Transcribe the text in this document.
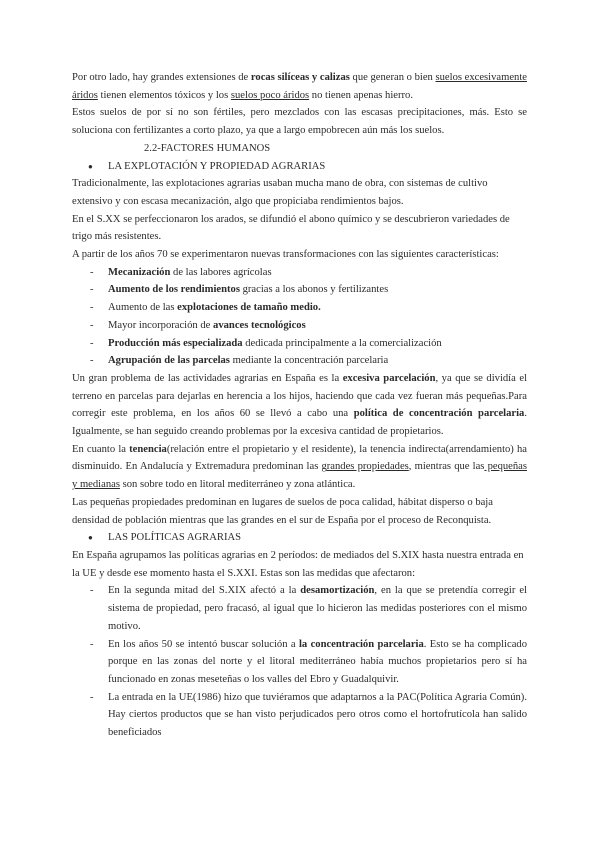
Por otro lado, hay grandes extensiones de rocas silíceas y calizas que generan o bien suelos excesivamente áridos tienen elementos tóxicos y los suelos poco áridos no tienen apenas hierro.

Estos suelos de por sí no son fértiles, pero mezclados con las escasas precipitaciones, más. Esto se soluciona con fertilizantes a corto plazo, ya que a largo empobrecen aún más los suelos.

2.2-FACTORES HUMANOS

● LA EXPLOTACIÓN Y PROPIEDAD AGRARIAS

Tradicionalmente, las explotaciones agrarias usaban mucha mano de obra, con sistemas de cultivo extensivo y con escasa mecanización, algo que propiciaba rendimientos bajos.

En el S.XX se perfeccionaron los arados, se difundió el abono químico y se descubrieron variedades de trigo más resistentes.

A partir de los años 70 se experimentaron nuevas transformaciones con las siguientes características:

- Mecanización de las labores agrícolas

- Aumento de los rendimientos gracias a los abonos y fertilizantes

- Aumento de las explotaciones de tamaño medio.

- Mayor incorporación de avances tecnológicos

- Producción más especializada dedicada principalmente a la comercialización

- Agrupación de las parcelas mediante la concentración parcelaria

Un gran problema de las actividades agrarias en España es la excesiva parcelación, ya que se dividía el terreno en parcelas para dejarlas en herencia a los hijos, haciendo que cada vez fueran más pequeñas.Para corregir este problema, en los años 60 se llevó a cabo una política de concentración parcelaria. Igualmente, se han seguido creando problemas por la excesiva cantidad de propietarios.

En cuanto la tenencia(relación entre el propietario y el residente), la tenencia indirecta(arrendamiento) ha disminuido. En Andalucía y Extremadura predominan las grandes propiedades, mientras que las pequeñas y medianas son sobre todo en litoral mediterráneo y zona atlántica.

Las pequeñas propiedades predominan en lugares de suelos de poca calidad, hábitat disperso o baja densidad de población mientras que las grandes en el sur de España por el proceso de Reconquista.

● LAS POLÍTICAS AGRARIAS

En España agrupamos las políticas agrarias en 2 períodos: de mediados del S.XIX hasta nuestra entrada en la UE y desde ese momento hasta el S.XXI. Estas son las medidas que afectaron:

- En la segunda mitad del S.XIX afectó a la desamortización, en la que se pretendía corregir el sistema de propiedad, pero fracasó, al igual que lo hicieron las medidas posteriores con el mismo motivo.

- En los años 50 se intentó buscar solución a la concentración parcelaria. Esto se ha complicado porque en las zonas del norte y el litoral mediterráneo había muchos propietarios pero sí ha funcionado en zonas meseteñas o los valles del Ebro y Guadalquivir.

- La entrada en la UE(1986) hizo que tuviéramos que adaptarnos a la PAC(Política Agraria Común). Hay ciertos productos que se han visto perjudicados pero otros como el hortofrutícola han salido beneficiados
